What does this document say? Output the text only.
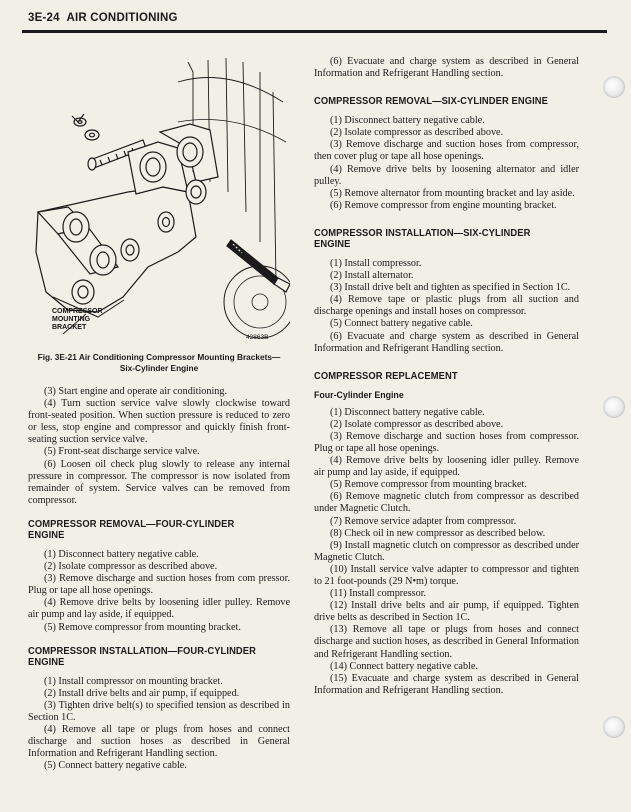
3E-24 AIR CONDITIONING
COMPRESSOR
MOUNTING
BRACKET
42863B
Fig. 3E-21 Air Conditioning Compressor Mounting Brackets—
Six-Cylinder Engine

(3) Start engine and operate air conditioning.

(4) Turn suction service valve slowly clockwise toward front-seated position. When suction pressure is reduced to zero or less, stop engine and compressor and quickly finish front-seating suction service valve.

(5) Front-seat discharge service valve.

(6) Loosen oil check plug slowly to release any internal pressure in compressor. The compressor is now isolated from remainder of system. Service valves can be removed from compressor.

COMPRESSOR REMOVAL—FOUR-CYLINDER ENGINE

(1) Disconnect battery negative cable.

(2) Isolate compressor as described above.

(3) Remove discharge and suction hoses from com pressor. Plug or tape all hose openings.

(4) Remove drive belts by loosening idler pulley. Remove air pump and lay aside, if equipped.

(5) Remove compressor from mounting bracket.

COMPRESSOR INSTALLATION—FOUR-CYLINDER ENGINE

(1) Install compressor on mounting bracket.

(2) Install drive belts and air pump, if equipped.

(3) Tighten drive belt(s) to specified tension as described in Section 1C.

(4) Remove all tape or plugs from hoses and connect discharge and suction hoses as described in General Information and Refrigerant Handling section.

(5) Connect battery negative cable.

(6) Evacuate and charge system as described in General Information and Refrigerant Handling section.

COMPRESSOR REMOVAL—SIX-CYLINDER ENGINE

(1) Disconnect battery negative cable.

(2) Isolate compressor as described above.

(3) Remove discharge and suction hoses from compressor, then cover plug or tape all hose openings.

(4) Remove drive belts by loosening alternator and idler pulley.

(5) Remove alternator from mounting bracket and lay aside.

(6) Remove compressor from engine mounting bracket.

COMPRESSOR INSTALLATION—SIX-CYLINDER ENGINE

(1) Install compressor.

(2) Install alternator.

(3) Install drive belt and tighten as specified in Section 1C.

(4) Remove tape or plastic plugs from all suction and discharge openings and install hoses on compressor.

(5) Connect battery negative cable.

(6) Evacuate and charge system as described in General Information and Refrigerant Handling section.

COMPRESSOR REPLACEMENT
Four-Cylinder Engine

(1) Disconnect battery negative cable.

(2) Isolate compressor as described above.

(3) Remove discharge and suction hoses from compressor. Plug or tape all hose openings.

(4) Remove drive belts by loosening idler pulley. Remove air pump and lay aside, if equipped.

(5) Remove compressor from mounting bracket.

(6) Remove magnetic clutch from compressor as described under Magnetic Clutch.

(7) Remove service adapter from compressor.

(8) Check oil in new compressor as described below.

(9) Install magnetic clutch on compressor as described under Magnetic Clutch.

(10) Install service valve adapter to compressor and tighten to 21 foot-pounds (29 N•m) torque.

(11) Install compressor.

(12) Install drive belts and air pump, if equipped. Tighten drive belts as described in Section 1C.

(13) Remove all tape or plugs from hoses and connect discharge and suction hoses, as described in General Information and Refrigerant Handling section.

(14) Connect battery negative cable.

(15) Evacuate and charge system as described in General Information and Refrigerant Handling section.
